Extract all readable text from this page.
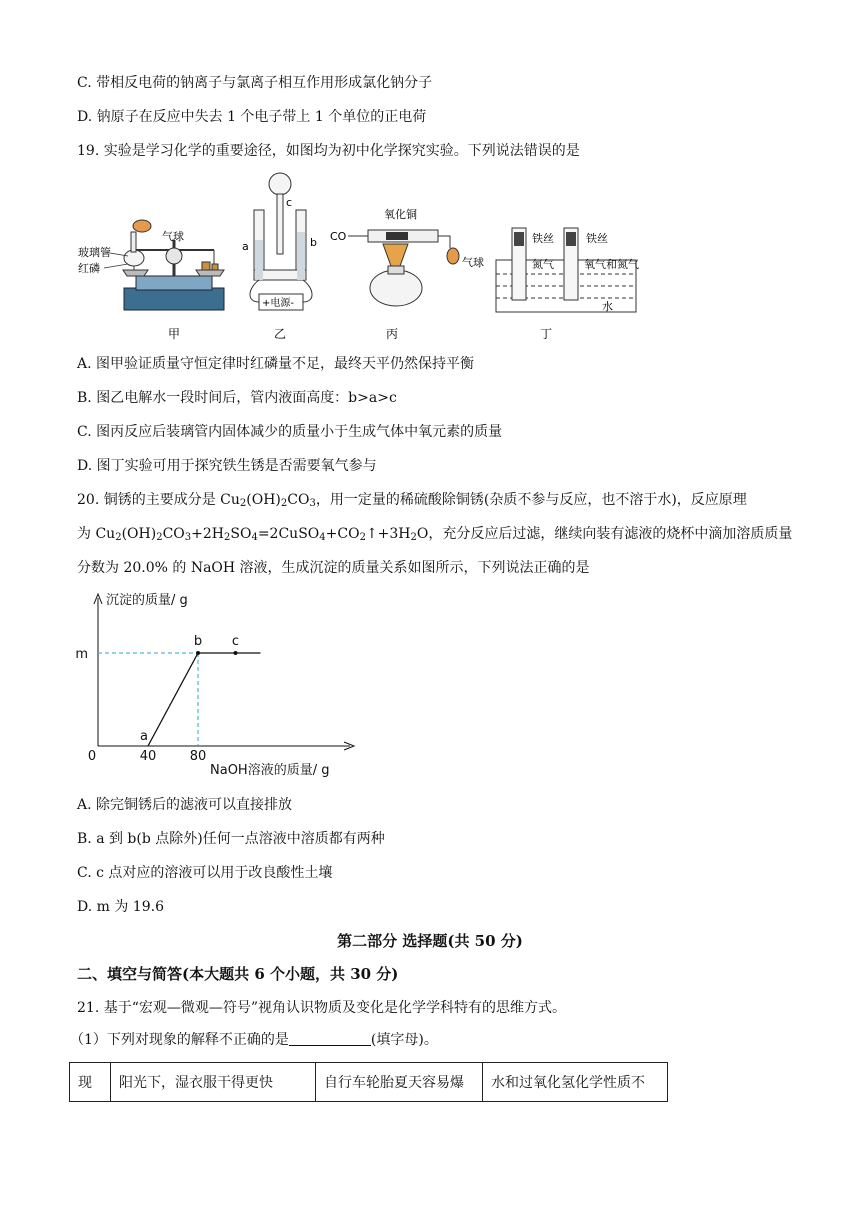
C. 带相反电荷的钠离子与氯离子相互作用形成氯化钠分子
D. 钠原子在反应中失去 1 个电子带上 1 个单位的正电荷
19. 实验是学习化学的重要途径，如图均为初中化学探究实验。下列说法错误的是
气球
玻璃管
红磷
甲
c
a	b
+电源-
乙
氧化铜
CO
气球
丙
铁丝	铁丝
氮气	氧气和氮气
水
丁
A. 图甲验证质量守恒定律时红磷量不足，最终天平仍然保持平衡
B. 图乙电解水一段时间后，管内液面高度：b>a>c
C. 图丙反应后装璃管内固体减少的质量小于生成气体中氧元素的质量
D. 图丁实验可用于探究铁生锈是否需要氧气参与
20. 铜锈的主要成分是 $Cu_2(OH)_2CO_3$，用一定量的稀硫酸除铜锈(杂质不参与反应，也不溶于水)，反应原理
为 $Cu_2(OH)_2CO_3+2H_2SO_4=2CuSO_4+CO_2↑+3H_2O$，充分反应后过滤，继续向装有滤液的烧杯中滴加溶质质量
分数为 20.0% 的 NaOH 溶液，生成沉淀的质量关系如图所示，下列说法正确的是
沉淀的质量/ g
NaOH溶液的质量/ g
0	40	80
m
a
b c
A. 除完铜锈后的滤液可以直接排放
B. a 到 b(b 点除外)任何一点溶液中溶质都有两种
C. c 点对应的溶液可以用于改良酸性土壤
D. m 为 19.6
第二部分 选择题(共 50 分)
二、填空与简答(本大题共 6 个小题，共 30 分)
21. 基于“宏观—微观—符号”视角认识物质及变化是化学学科特有的思维方式。
（1）下列对现象的解释不正确的是	(填字母)。
现	阳光下，湿衣服干得更快	自行车轮胎夏天容易爆	水和过氧化氢化学性质不
